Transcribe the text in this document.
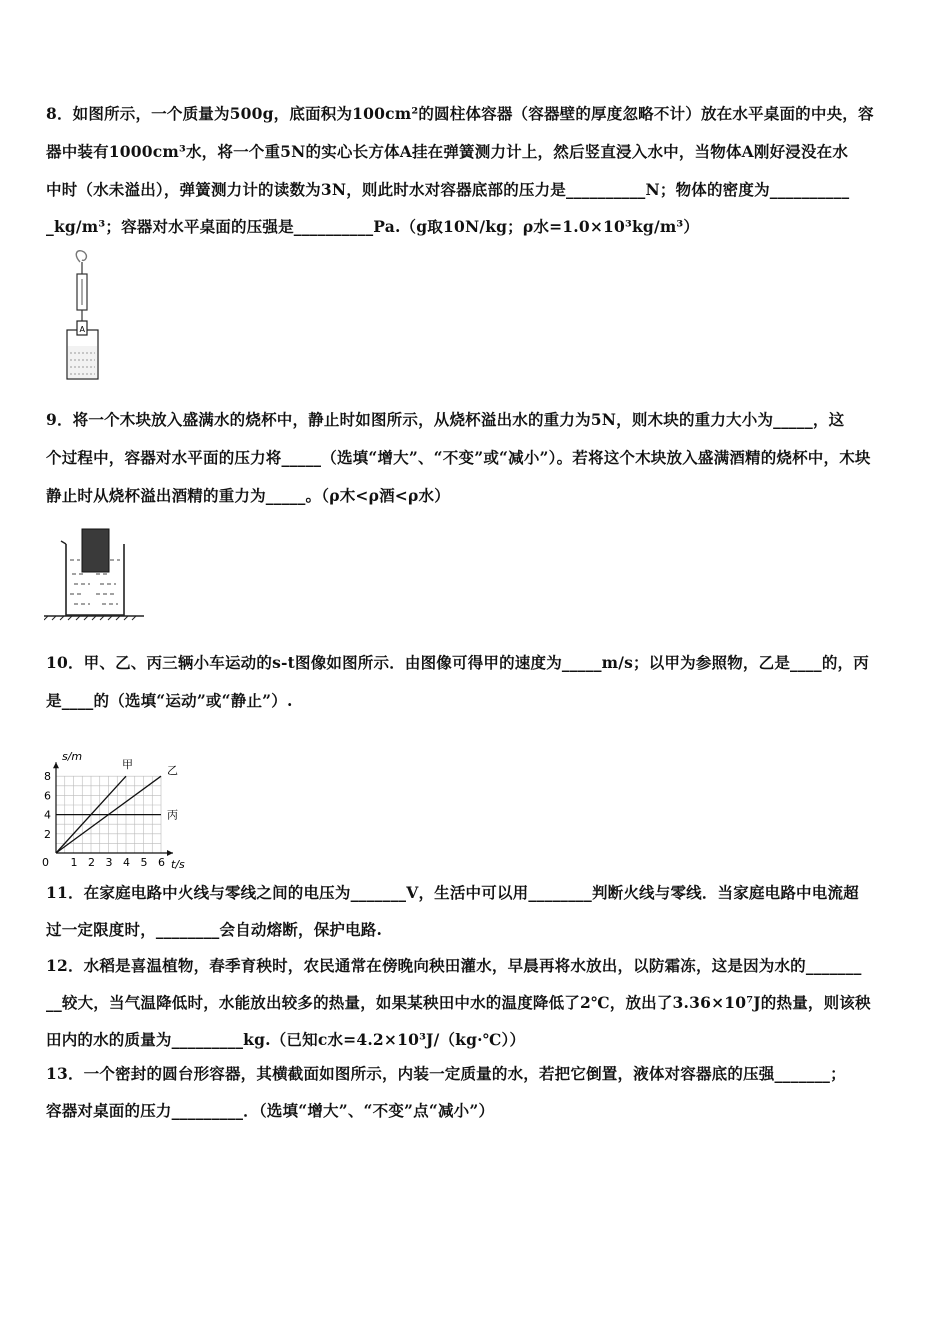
8．如图所示，一个质量为500g，底面积为100cm²的圆柱体容器（容器壁的厚度忽略不计）放在水平桌面的中央，容
器中装有1000cm³水，将一个重5N的实心长方体A挂在弹簧测力计上，然后竖直浸入水中，当物体A刚好浸没在水
中时（水未溢出），弹簧测力计的读数为3N，则此时水对容器底部的压力是__________N；物体的密度为__________
_kg/m³；容器对水平桌面的压强是__________Pa.（g取10N/kg；ρ水=1.0×10³kg/m³）
A
9．将一个木块放入盛满水的烧杯中，静止时如图所示，从烧杯溢出水的重力为5N，则木块的重力大小为_____，这
个过程中，容器对水平面的压力将_____（选填“增大”、“不变”或“减小”）。若将这个木块放入盛满酒精的烧杯中，木块
静止时从烧杯溢出酒精的重力为_____。（ρ木<ρ酒<ρ水）
10．甲、乙、丙三辆小车运动的s-t图像如图所示．由图像可得甲的速度为_____m/s；以甲为参照物，乙是____的，丙
是____的（选填“运动”或“静止”）.
0 1 2 3 4 5 6
2
4
6
8
s/m
t/s
甲	乙
丙
11．在家庭电路中火线与零线之间的电压为_______V，生活中可以用________判断火线与零线．当家庭电路中电流超
过一定限度时，________会自动熔断，保护电路.
12．水稻是喜温植物，春季育秧时，农民通常在傍晚向秧田灌水，早晨再将水放出，以防霜冻，这是因为水的_______
__较大，当气温降低时，水能放出较多的热量，如果某秧田中水的温度降低了2℃，放出了3.36×10⁷J的热量，则该秧
田内的水的质量为_________kg.（已知c水=4.2×10³J/（kg·℃））
13．一个密封的圆台形容器，其横截面如图所示，内装一定质量的水，若把它倒置，液体对容器底的压强_______；
容器对桌面的压力_________．（选填“增大”、“不变”点“减小”）
